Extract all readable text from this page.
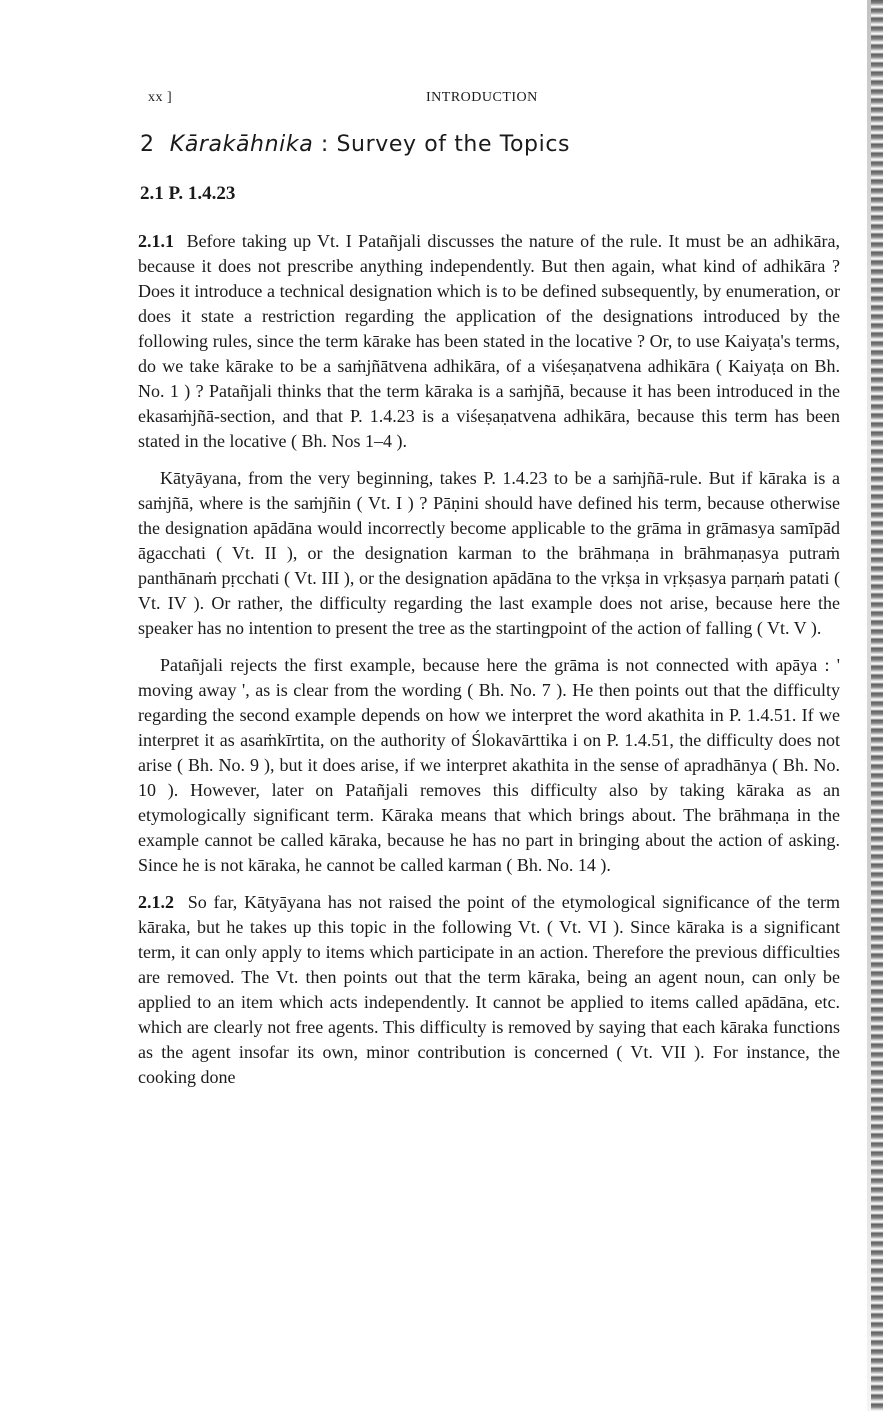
xx ]	INTRODUCTION
2 Kārakāhnika : Survey of the Topics
2.1 P. 1.4.23

2.1.1 Before taking up Vt. I Patañjali discusses the nature of the rule. It must be an adhikāra, because it does not prescribe anything independently. But then again, what kind of adhikāra ? Does it introduce a technical designation which is to be defined subsequently, by enumeration, or does it state a restriction regarding the application of the designations introduced by the following rules, since the term kārake has been stated in the locative ? Or, to use Kaiyaṭa's terms, do we take kārake to be a saṁjñātvena adhikāra, of a viśeṣaṇatvena adhikāra ( Kaiyaṭa on Bh. No. 1 ) ? Patañjali thinks that the term kāraka is a saṁjñā, because it has been introduced in the ekasaṁjñā-section, and that P. 1.4.23 is a viśeṣaṇatvena adhikāra, because this term has been stated in the locative ( Bh. Nos 1–4 ).

Kātyāyana, from the very beginning, takes P. 1.4.23 to be a saṁjñā-rule. But if kāraka is a saṁjñā, where is the saṁjñin ( Vt. I ) ? Pāṇini should have defined his term, because otherwise the designation apādāna would incorrectly become applicable to the grāma in grāmasya samīpād āgacchati ( Vt. II ), or the designation karman to the brāhmaṇa in brāhmaṇasya putraṁ panthānaṁ pṛcchati ( Vt. III ), or the designation apādāna to the vṛkṣa in vṛkṣasya parṇaṁ patati ( Vt. IV ). Or rather, the difficulty regarding the last example does not arise, because here the speaker has no intention to present the tree as the startingpoint of the action of falling ( Vt. V ).

Patañjali rejects the first example, because here the grāma is not connected with apāya : ' moving away ', as is clear from the wording ( Bh. No. 7 ). He then points out that the difficulty regarding the second example depends on how we interpret the word akathita in P. 1.4.51. If we interpret it as asaṁkīrtita, on the authority of Ślokavārttika i on P. 1.4.51, the difficulty does not arise ( Bh. No. 9 ), but it does arise, if we interpret akathita in the sense of apradhānya ( Bh. No. 10 ). However, later on Patañjali removes this difficulty also by taking kāraka as an etymologically significant term. Kāraka means that which brings about. The brāhmaṇa in the example cannot be called kāraka, because he has no part in bringing about the action of asking. Since he is not kāraka, he cannot be called karman ( Bh. No. 14 ).

2.1.2 So far, Kātyāyana has not raised the point of the etymological significance of the term kāraka, but he takes up this topic in the following Vt. ( Vt. VI ). Since kāraka is a significant term, it can only apply to items which participate in an action. Therefore the previous difficulties are removed. The Vt. then points out that the term kāraka, being an agent noun, can only be applied to an item which acts independently. It cannot be applied to items called apādāna, etc. which are clearly not free agents. This difficulty is removed by saying that each kāraka functions as the agent insofar its own, minor contribution is concerned ( Vt. VII ). For instance, the cooking done
